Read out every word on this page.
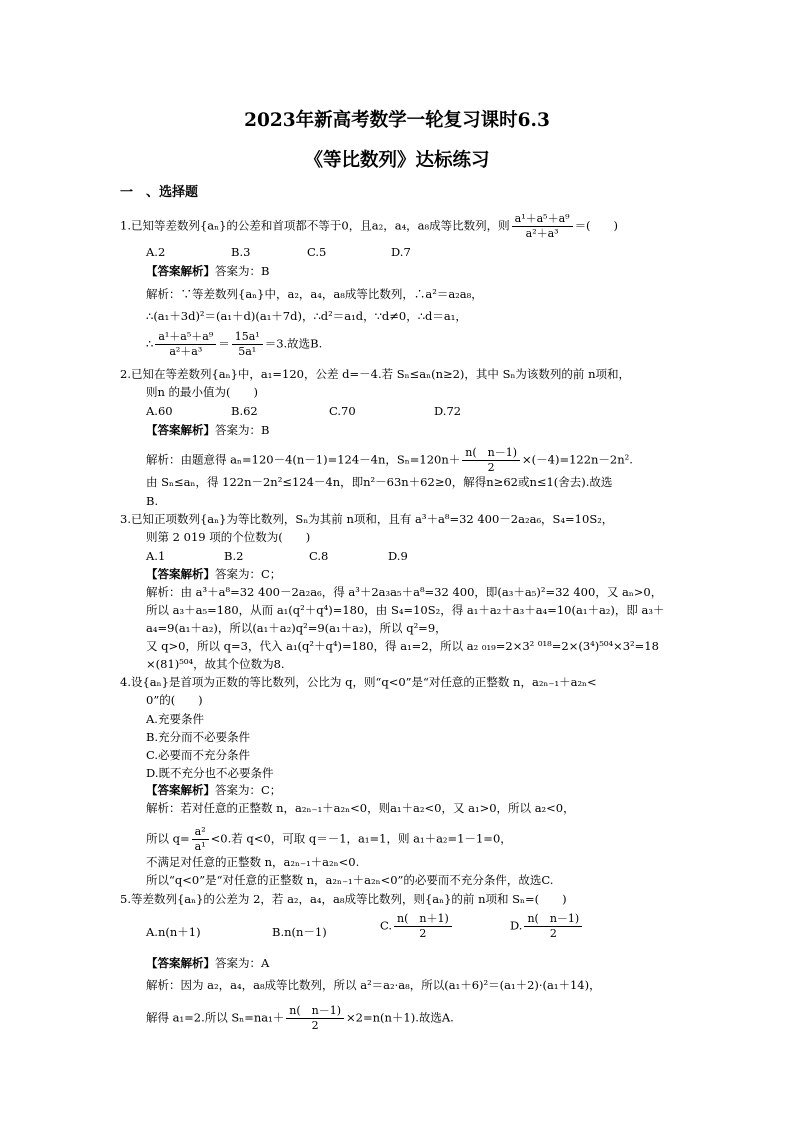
2023年新高考数学一轮复习课时6.3
《等比数列》达标练习
一　、选择题
1.已知等差数列{aₙ}的公差和首项都不等于0，且a₂，a₄，a₈成等比数列，则 $\frac{\text{a¹＋a⁵＋a⁹}}{\text{a²＋a³}}$ ＝(　　)
A.2	B.3	C.5	D.7
【答案解析】答案为：B
解析：∵等差数列{aₙ}中，a₂，a₄，a₈成等比数列，∴a²＝a₂a₈，
∴(a₁＋3d)²＝(a₁＋d)(a₁＋7d)，∴d²＝a₁d，∵d≠0，∴d＝a₁，
∴ $\frac{\text{a¹＋a⁵＋a⁹}}{\text{a²＋a³}} = \frac{\text{15a¹}}{\text{5a¹}} =3$.故选B.
2.已知在等差数列{aₙ}中，a₁=120，公差 d=－4.若 Sₙ≤aₙ(n≥2)，其中 Sₙ为该数列的前 n项和，
则n 的最小值为(　　)
A.60	B.62	C.70	D.72
【答案解析】答案为：B
解析：由题意得 aₙ=120－4(n－1)=124－4n，$S_n=120n+ \frac{n( n-1)}{2} \times(-4)=122n-2n^2$.
由 Sₙ≤aₙ，得 122n－2n²≤124－4n，即n²－63n＋62≥0，解得n≥62或n≤1(舍去).故选
B.
3.已知正项数列{aₙ}为等比数列，Sₙ为其前 n项和，且有 a³＋a⁸=32 400－2a₂a₆，S₄=10S₂，
则第 2 019 项的个位数为(　　)
A.1	B.2	C.8	D.9
【答案解析】答案为：C；
解析：由 a³＋a⁸=32 400－2a₂a₆，得 a³＋2a₃a₅＋a⁸=32 400，即(a₃＋a₅)²=32 400，又 aₙ>0，
所以 a₃＋a₅=180，从而 a₁(q²＋q⁴)=180，由 S₄=10S₂，得 a₁＋a₂＋a₃＋a₄=10(a₁＋a₂)，即 a₃＋
a₄=9(a₁＋a₂)，所以(a₁＋a₂)q²=9(a₁＋a₂)，所以 q²=9，
又 q>0，所以 q=3，代入 a₁(q²＋q⁴)=180，得 a₁=2，所以 a₂ ₀₁₉=2×3² ⁰¹⁸=2×(3⁴)⁵⁰⁴×3²=18
×(81)⁵⁰⁴，故其个位数为8.
4.设{aₙ}是首项为正数的等比数列，公比为 q，则“q<0”是“对任意的正整数 n，a₂ₙ₋₁＋a₂ₙ<
0”的(　　)
A.充要条件
B.充分而不必要条件
C.必要而不充分条件
D.既不充分也不必要条件
【答案解析】答案为：C；
解析：若对任意的正整数 n，a₂ₙ₋₁＋a₂ₙ<0，则a₁＋a₂<0，又 a₁>0，所以 a₂<0，
所以 $q= \frac{\text{a²}}{\text{a¹}} <0$.若 q<0，可取 q＝－1，a₁=1，则 a₁＋a₂=1－1=0，
不满足对任意的正整数 n，a₂ₙ₋₁＋a₂ₙ<0.
所以“q<0”是“对任意的正整数 n，a₂ₙ₋₁＋a₂ₙ<0”的必要而不充分条件，故选C.
5.等差数列{aₙ}的公差为 2，若 a₂，a₄，a₈成等比数列，则{aₙ}的前 n项和 Sₙ=(　　)
A.n(n＋1)	B.n(n－1)	C. $\frac{n( n+1)}{2}$	D. $\frac{n( n-1)}{2}$
【答案解析】答案为：A
解析：因为 a₂，a₄，a₈成等比数列，所以 a²＝a₂·a₈，所以(a₁＋6)²＝(a₁＋2)·(a₁＋14)，
解得 a₁=2.所以 $S_n=na_1+ \frac{n( n-1)}{2} \times 2=n(n+1)$.故选A.
